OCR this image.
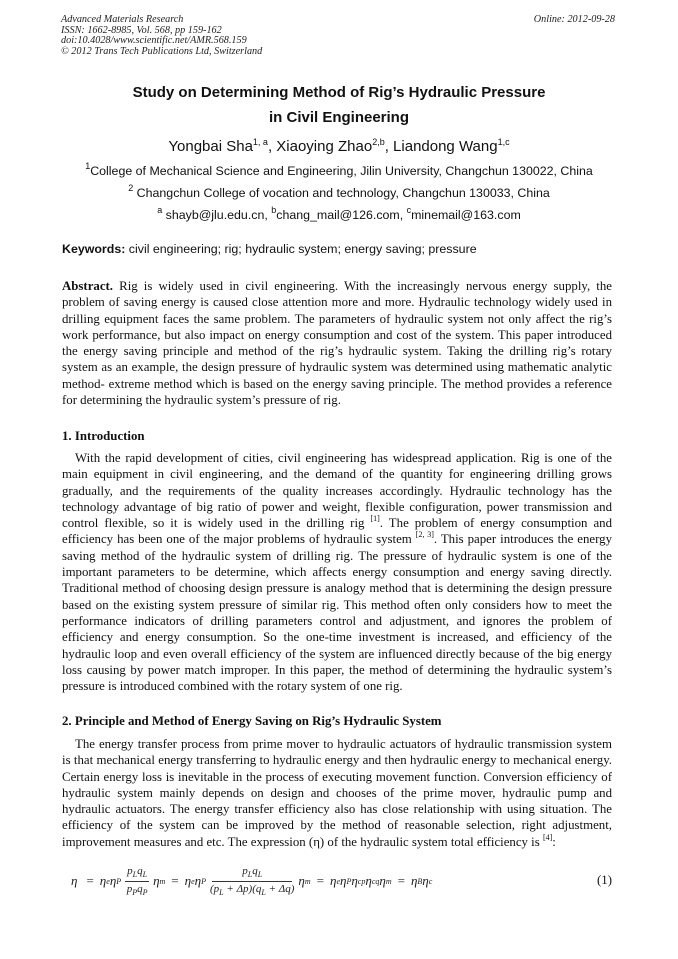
Advanced Materials Research
ISSN: 1662-8985, Vol. 568, pp 159-162
doi:10.4028/www.scientific.net/AMR.568.159
© 2012 Trans Tech Publications Ltd, Switzerland
Online: 2012-09-28
Study on Determining Method of Rig’s Hydraulic Pressure
in Civil Engineering
Yongbai Sha$^{1, a}$, Xiaoying Zhao$^{2,b}$, Liandong Wang$^{1,c}$
$^1$College of Mechanical Science and Engineering, Jilin University, Changchun 130022, China
$^2$ Changchun College of vocation and technology, Changchun 130033, China
$^a$ shayb@jlu.edu.cn, $^b$chang_mail@126.com, $^c$minemail@163.com
Keywords: civil engineering; rig; hydraulic system; energy saving; pressure
Abstract. Rig is widely used in civil engineering. With the increasingly nervous energy supply, the problem of saving energy is caused close attention more and more. Hydraulic technology widely used in drilling equipment faces the same problem. The parameters of hydraulic system not only affect the rig’s work performance, but also impact on energy consumption and cost of the system. This paper introduced the energy saving principle and method of the rig’s hydraulic system. Taking the drilling rig’s rotary system as an example, the design pressure of hydraulic system was determined using mathematic analytic method- extreme method which is based on the energy saving principle. The method provides a reference for determining the hydraulic system’s pressure of rig.
1. Introduction
With the rapid development of cities, civil engineering has widespread application. Rig is one of the main equipment in civil engineering, and the demand of the quantity for engineering drilling grows gradually, and the requirements of the quality increases accordingly. Hydraulic technology has the technology advantage of big ratio of power and weight, flexible configuration, power transmission and control flexible, so it is widely used in the drilling rig [1]. The problem of energy consumption and efficiency has been one of the major problems of hydraulic system [2, 3]. This paper introduces the energy saving method of the hydraulic system of drilling rig. The pressure of hydraulic system is one of the important parameters to be determine, which affects energy consumption and energy saving directly. Traditional method of choosing design pressure is analogy method that is determining the design pressure based on the existing system pressure of similar rig. This method often only considers how to meet the performance indicators of drilling parameters control and adjustment, and ignores the problem of efficiency and energy consumption. So the one-time investment is increased, and efficiency of the hydraulic loop and even overall efficiency of the system are influenced directly because of the big energy loss causing by power match improper. In this paper, the method of determining the hydraulic system’s pressure is introduced combined with the rotary system of one rig.
2. Principle and Method of Energy Saving on Rig’s Hydraulic System
The energy transfer process from prime mover to hydraulic actuators of hydraulic transmission system is that mechanical energy transferring to hydraulic energy and then hydraulic energy to mechanical energy. Certain energy loss is inevitable in the process of executing movement function. Conversion efficiency of hydraulic system mainly depends on design and chooses of the prime mover, hydraulic pump and hydraulic actuators. The energy transfer efficiency also has close relationship with using situation. The efficiency of the system can be improved by the method of reasonable selection, right adjustment, improvement measures and etc. The expression (η) of the hydraulic system total efficiency is [4]:
η = η e η P $\frac{p_Lq_L}{p_Pq_P}$ η m = η e η P $\frac{p_Lq_L}{(p_L + \Delta p)(q_L + \Delta q)}$ η m = η e η P η cp η cq η m = η B η c	(1)
